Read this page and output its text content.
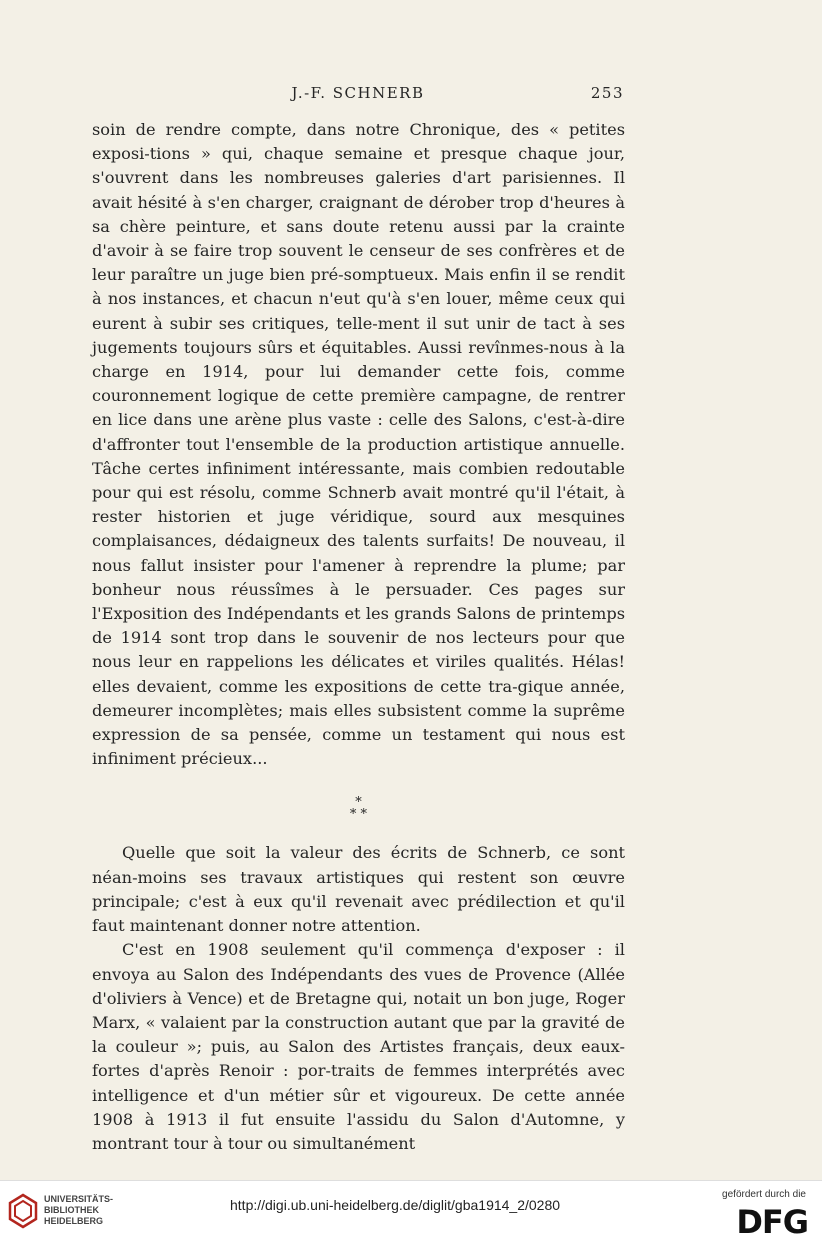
J.-F. SCHNERB	253

soin de rendre compte, dans notre Chronique, des « petites exposi-tions » qui, chaque semaine et presque chaque jour, s'ouvrent dans les nombreuses galeries d'art parisiennes. Il avait hésité à s'en charger, craignant de dérober trop d'heures à sa chère peinture, et sans doute retenu aussi par la crainte d'avoir à se faire trop souvent le censeur de ses confrères et de leur paraître un juge bien pré-somptueux. Mais enfin il se rendit à nos instances, et chacun n'eut qu'à s'en louer, même ceux qui eurent à subir ses critiques, telle-ment il sut unir de tact à ses jugements toujours sûrs et équitables. Aussi revînmes-nous à la charge en 1914, pour lui demander cette fois, comme couronnement logique de cette première campagne, de rentrer en lice dans une arène plus vaste : celle des Salons, c'est-à-dire d'affronter tout l'ensemble de la production artistique annuelle. Tâche certes infiniment intéressante, mais combien redoutable pour qui est résolu, comme Schnerb avait montré qu'il l'était, à rester historien et juge véridique, sourd aux mesquines complaisances, dédaigneux des talents surfaits! De nouveau, il nous fallut insister pour l'amener à reprendre la plume; par bonheur nous réussîmes à le persuader. Ces pages sur l'Exposition des Indépendants et les grands Salons de printemps de 1914 sont trop dans le souvenir de nos lecteurs pour que nous leur en rappelions les délicates et viriles qualités. Hélas! elles devaient, comme les expositions de cette tra-gique année, demeurer incomplètes; mais elles subsistent comme la suprême expression de sa pensée, comme un testament qui nous est infiniment précieux...

*
* *

Quelle que soit la valeur des écrits de Schnerb, ce sont néan-moins ses travaux artistiques qui restent son œuvre principale; c'est à eux qu'il revenait avec prédilection et qu'il faut maintenant donner notre attention.

C'est en 1908 seulement qu'il commença d'exposer : il envoya au Salon des Indépendants des vues de Provence (Allée d'oliviers à Vence) et de Bretagne qui, notait un bon juge, Roger Marx, « valaient par la construction autant que par la gravité de la couleur »; puis, au Salon des Artistes français, deux eaux-fortes d'après Renoir : por-traits de femmes interprétés avec intelligence et d'un métier sûr et vigoureux. De cette année 1908 à 1913 il fut ensuite l'assidu du Salon d'Automne, y montrant tour à tour ou simultanément

UNIVERSITÄTS-
BIBLIOTHEK
HEIDELBERG
http://digi.ub.uni-heidelberg.de/diglit/gba1914_2/0280
gefördert durch die
DFG
